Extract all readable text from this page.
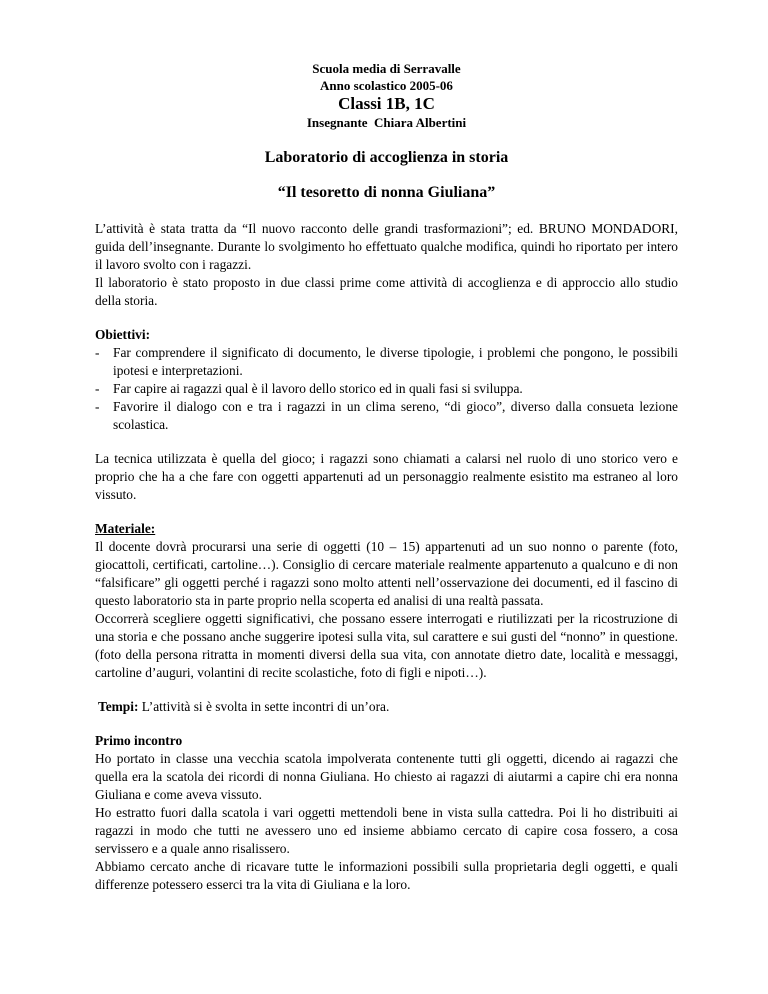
Scuola media di Serravalle
Anno scolastico 2005-06
Classi 1B, 1C
Insegnante  Chiara Albertini
Laboratorio di accoglienza in storia
“Il tesoretto di nonna Giuliana”

L’attività è stata tratta da “Il nuovo racconto delle grandi trasformazioni”; ed. BRUNO MONDADORI, guida dell’insegnante. Durante lo svolgimento ho effettuato qualche modifica, quindi ho riportato per intero il lavoro svolto con i ragazzi.

Il laboratorio è stato proposto in due classi prime come attività di accoglienza e di approccio allo studio della storia.

Obiettivi:

- Far comprendere il significato di documento, le diverse tipologie, i problemi che pongono, le possibili ipotesi e interpretazioni.
- Far capire ai ragazzi qual è il lavoro dello storico ed in quali fasi si sviluppa.
- Favorire il dialogo con e tra i ragazzi in un clima sereno, “di gioco”, diverso dalla consueta lezione scolastica.

La tecnica utilizzata è quella del gioco; i ragazzi sono chiamati a calarsi nel ruolo di uno storico vero e proprio che ha a che fare con oggetti appartenuti ad un personaggio realmente esistito ma estraneo al loro vissuto.

Materiale:

Il docente dovrà procurarsi una serie di oggetti (10 – 15) appartenuti ad un suo nonno o parente (foto, giocattoli, certificati, cartoline…). Consiglio di cercare materiale realmente appartenuto a qualcuno e di non “falsificare” gli oggetti perché i ragazzi sono molto attenti nell’osservazione dei documenti, ed il fascino di questo laboratorio sta in parte proprio nella scoperta ed analisi di una realtà passata.

Occorrerà scegliere oggetti significativi, che possano essere interrogati e riutilizzati per la ricostruzione di una storia e che possano anche suggerire ipotesi sulla vita, sul carattere e sui gusti del “nonno” in questione. (foto della persona ritratta in momenti diversi della sua vita, con annotate dietro date, località e messaggi, cartoline d’auguri, volantini di recite scolastiche, foto di figli e nipoti…).

Tempi: L’attività si è svolta in sette incontri di un’ora.

Primo incontro

Ho portato in classe una vecchia scatola impolverata contenente tutti gli oggetti, dicendo ai ragazzi che quella era la scatola dei ricordi di nonna Giuliana. Ho chiesto ai ragazzi di aiutarmi a capire chi era nonna Giuliana e come aveva vissuto.

Ho estratto fuori dalla scatola i vari oggetti mettendoli bene in vista sulla cattedra. Poi li ho distribuiti ai ragazzi in modo che tutti ne avessero uno ed insieme abbiamo cercato di capire cosa fossero, a cosa servissero e a quale anno risalissero.

Abbiamo cercato anche di ricavare tutte le informazioni possibili sulla proprietaria degli oggetti, e quali differenze potessero esserci tra la vita di Giuliana e la loro.
